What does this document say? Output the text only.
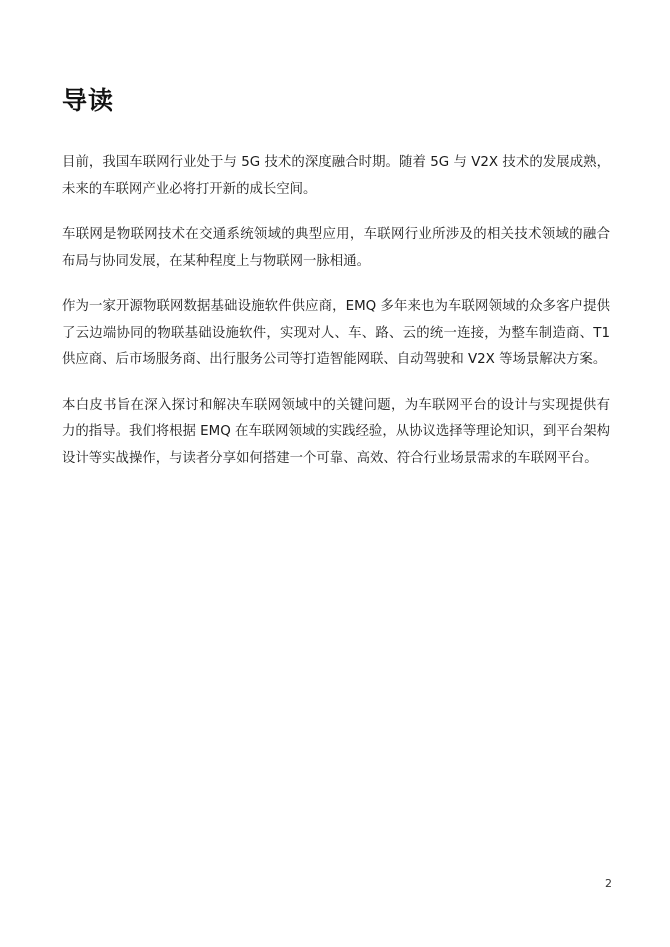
导读

目前，我国车联网行业处于与 5G 技术的深度融合时期。随着 5G 与 V2X 技术的发展成熟，未来的车联网产业必将打开新的成长空间。

车联网是物联网技术在交通系统领域的典型应用，车联网行业所涉及的相关技术领域的融合布局与协同发展，在某种程度上与物联网一脉相通。

作为一家开源物联网数据基础设施软件供应商，EMQ 多年来也为车联网领域的众多客户提供了云边端协同的物联基础设施软件，实现对人、车、路、云的统一连接，为整车制造商、T1 供应商、后市场服务商、出行服务公司等打造智能网联、自动驾驶和 V2X 等场景解决方案。

本白皮书旨在深入探讨和解决车联网领域中的关键问题，为车联网平台的设计与实现提供有力的指导。我们将根据 EMQ 在车联网领域的实践经验，从协议选择等理论知识，到平台架构设计等实战操作，与读者分享如何搭建一个可靠、高效、符合行业场景需求的车联网平台。

2
